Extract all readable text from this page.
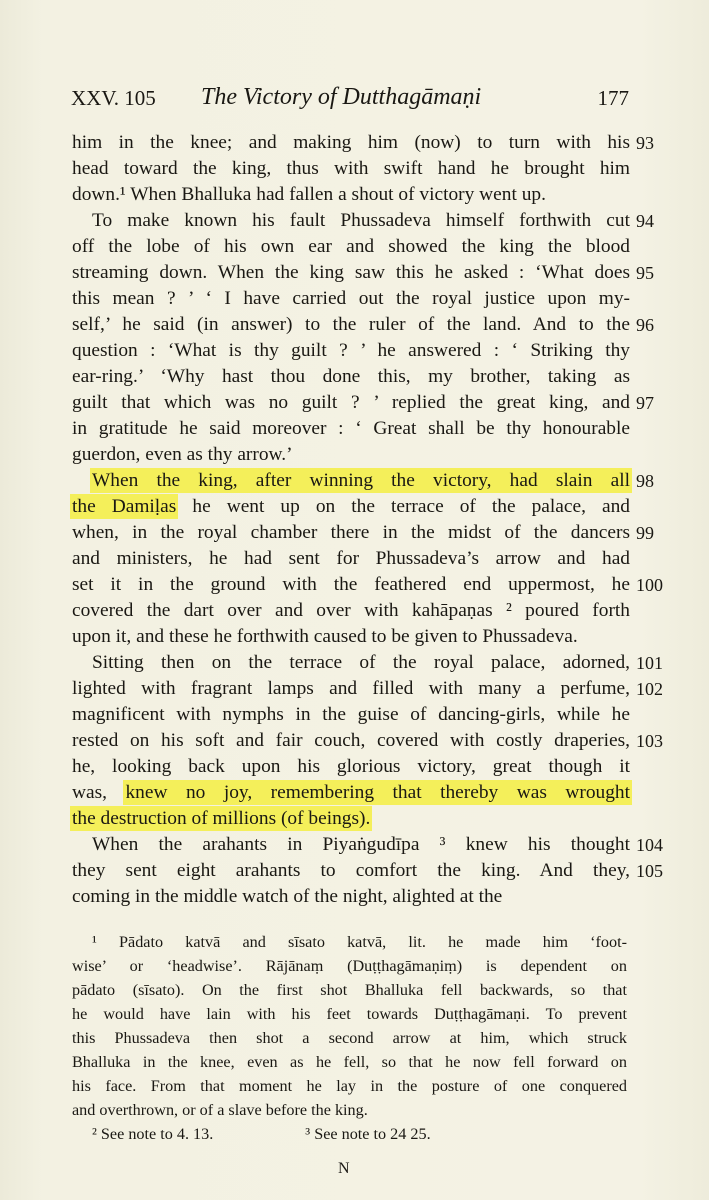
XXV. 105 The Victory of Dutthagāmaṇi	177
him in the knee; and making him (now) to turn with his 93
head toward the king, thus with swift hand he brought him
down.¹ When Bhalluka had fallen a shout of victory went up.
To make known his fault Phussadeva himself forthwith cut 94
off the lobe of his own ear and showed the king the blood
streaming down. When the king saw this he asked : ‘What does 95
this mean ? ’ ‘ I have carried out the royal justice upon my-
self,’ he said (in answer) to the ruler of the land. And to the 96
question : ‘What is thy guilt ? ’ he answered : ‘ Striking thy
ear-ring.’ ‘Why hast thou done this, my brother, taking as
guilt that which was no guilt ? ’ replied the great king, and 97
in gratitude he said moreover : ‘ Great shall be thy honourable
guerdon, even as thy arrow.’
When the king, after winning the victory, had slain all 98
the Damiḷas he went up on the terrace of the palace, and
when, in the royal chamber there in the midst of the dancers 99
and ministers, he had sent for Phussadeva’s arrow and had
set it in the ground with the feathered end uppermost, he 100
covered the dart over and over with kahāpaṇas ² poured forth
upon it, and these he forthwith caused to be given to Phussadeva.
Sitting then on the terrace of the royal palace, adorned, 101
lighted with fragrant lamps and filled with many a perfume, 102
magnificent with nymphs in the guise of dancing-girls, while he
rested on his soft and fair couch, covered with costly draperies, 103
he, looking back upon his glorious victory, great though it
was, knew no joy, remembering that thereby was wrought
the destruction of millions (of beings).
When the arahants in Piyaṅgudīpa ³ knew his thought 104
they sent eight arahants to comfort the king. And they, 105
coming in the middle watch of the night, alighted at the
¹ Pādato katvā and sīsato katvā, lit. he made him ‘foot-
wise’ or ‘headwise’. Rājānaṃ (Duṭṭhagāmaṇiṃ) is dependent on
pādato (sīsato). On the first shot Bhalluka fell backwards, so that
he would have lain with his feet towards Duṭṭhagāmaṇi. To prevent
this Phussadeva then shot a second arrow at him, which struck
Bhalluka in the knee, even as he fell, so that he now fell forward on
his face. From that moment he lay in the posture of one conquered
and overthrown, or of a slave before the king.
² See note to 4. 13.	³ See note to 24 25.
N
